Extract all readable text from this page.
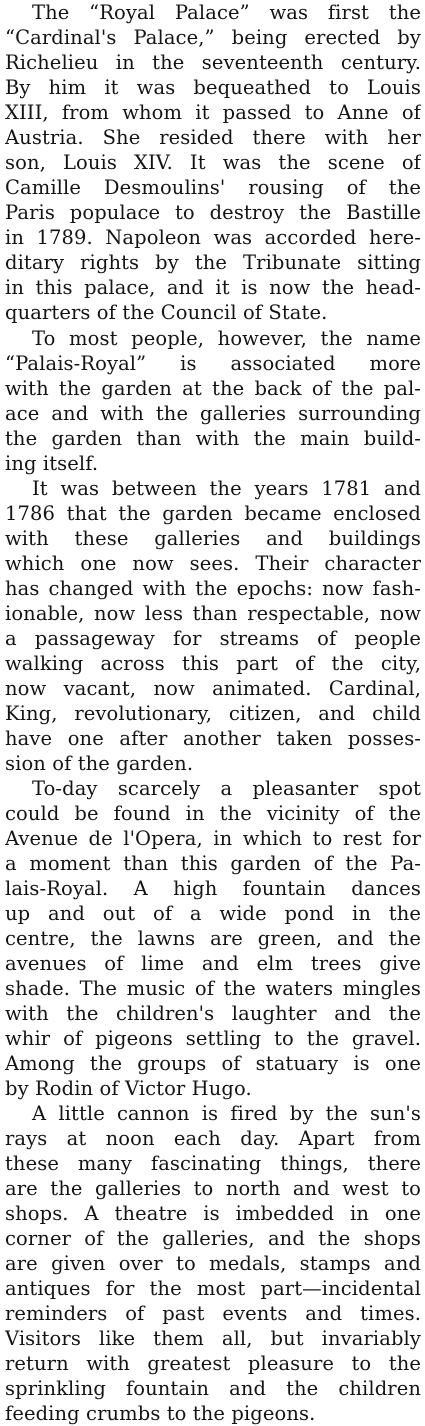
The “Royal Palace” was first the
“Cardinal's Palace,” being erected by
Richelieu in the seventeenth century.
By him it was bequeathed to Louis
XIII, from whom it passed to Anne of
Austria. She resided there with her
son, Louis XIV. It was the scene of
Camille Desmoulins' rousing of the
Paris populace to destroy the Bastille
in 1789. Napoleon was accorded here-
ditary rights by the Tribunate sitting
in this palace, and it is now the head-
quarters of the Council of State.
To most people, however, the name
“Palais-Royal” is associated more
with the garden at the back of the pal-
ace and with the galleries surrounding
the garden than with the main build-
ing itself.
It was between the years 1781 and
1786 that the garden became enclosed
with these galleries and buildings
which one now sees. Their character
has changed with the epochs: now fash-
ionable, now less than respectable, now
a passageway for streams of people
walking across this part of the city,
now vacant, now animated. Cardinal,
King, revolutionary, citizen, and child
have one after another taken posses-
sion of the garden.
To-day scarcely a pleasanter spot
could be found in the vicinity of the
Avenue de l'Opera, in which to rest for
a moment than this garden of the Pa-
lais-Royal. A high fountain dances
up and out of a wide pond in the
centre, the lawns are green, and the
avenues of lime and elm trees give
shade. The music of the waters mingles
with the children's laughter and the
whir of pigeons settling to the gravel.
Among the groups of statuary is one
by Rodin of Victor Hugo.
A little cannon is fired by the sun's
rays at noon each day. Apart from
these many fascinating things, there
are the galleries to north and west to
shops. A theatre is imbedded in one
corner of the galleries, and the shops
are given over to medals, stamps and
antiques for the most part—incidental
reminders of past events and times.
Visitors like them all, but invariably
return with greatest pleasure to the
sprinkling fountain and the children
feeding crumbs to the pigeons.
